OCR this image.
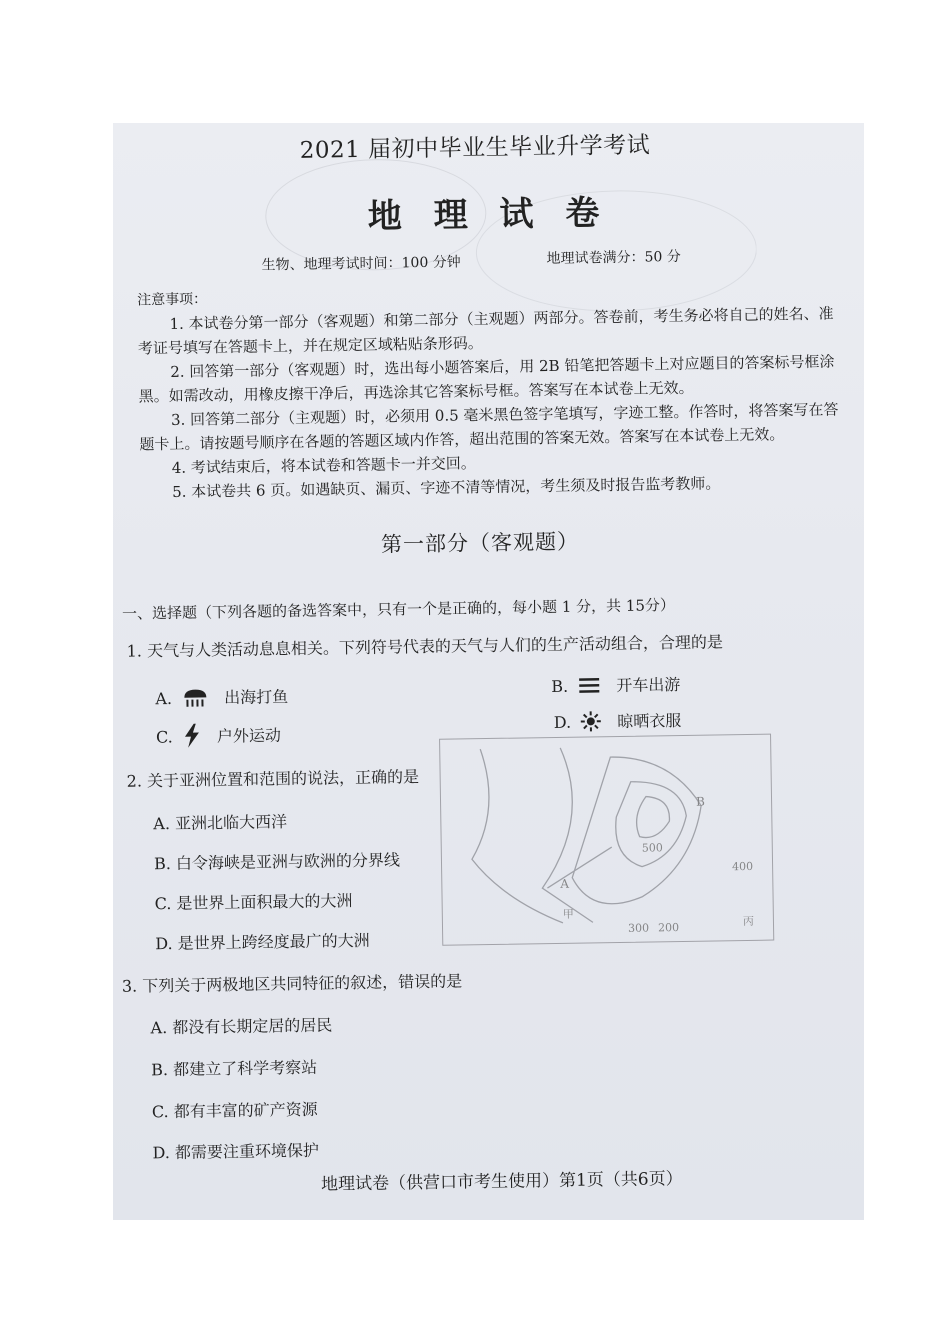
2021 届初中毕业生毕业升学考试
地 理 试 卷
生物、地理考试时间：100 分钟	地理试卷满分：50 分
注意事项：

1. 本试卷分第一部分（客观题）和第二部分（主观题）两部分。答卷前，考生务必将自己的姓名、准考证号填写在答题卡上，并在规定区域粘贴条形码。

2. 回答第一部分（客观题）时，选出每小题答案后，用 2B 铅笔把答题卡上对应题目的答案标号框涂黑。如需改动，用橡皮擦干净后，再选涂其它答案标号框。答案写在本试卷上无效。

3. 回答第二部分（主观题）时，必须用 0.5 毫米黑色签字笔填写，字迹工整。作答时，将答案写在答题卡上。请按题号顺序在各题的答题区域内作答，超出范围的答案无效。答案写在本试卷上无效。

4. 考试结束后，将本试卷和答题卡一并交回。

5. 本试卷共 6 页。如遇缺页、漏页、字迹不清等情况，考生须及时报告监考教师。

第一部分（客观题）
一、选择题（下列各题的备选答案中，只有一个是正确的，每小题 1 分，共 15分）
1. 天气与人类活动息息相关。下列符号代表的天气与人们的生产活动组合，合理的是
A.	出海打鱼
B.	开车出游
C.	户外运动
D.	晾晒衣服
A
B
甲
丙
300 200
400
500
2. 关于亚洲位置和范围的说法，正确的是
A. 亚洲北临大西洋
B. 白令海峡是亚洲与欧洲的分界线
C. 是世界上面积最大的大洲
D. 是世界上跨经度最广的大洲
3. 下列关于两极地区共同特征的叙述，错误的是
A. 都没有长期定居的居民
B. 都建立了科学考察站
C. 都有丰富的矿产资源
D. 都需要注重环境保护
地理试卷（供营口市考生使用）第1页（共6页）
